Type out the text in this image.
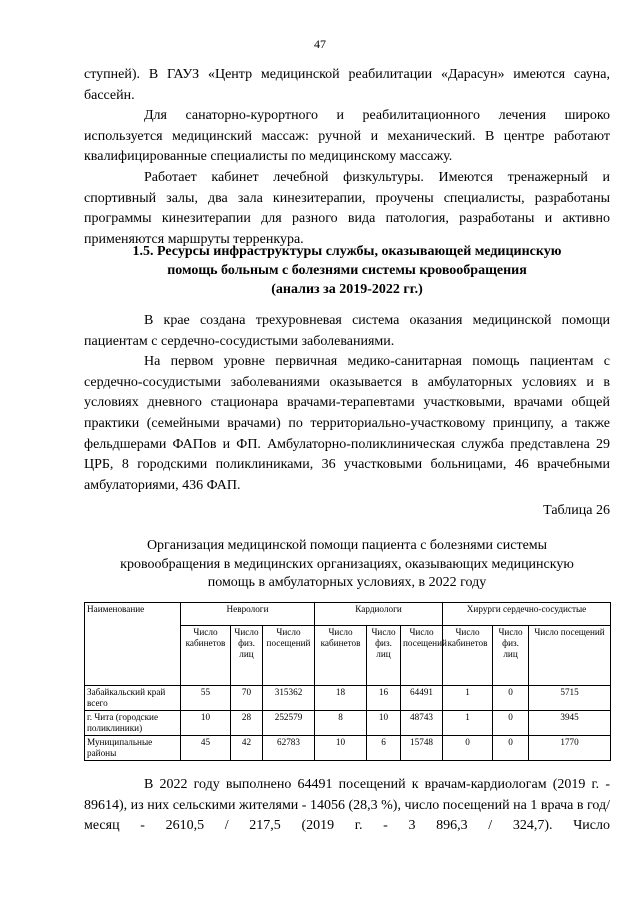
47
ступней). В ГАУЗ «Центр медицинской реабилитации «Дарасун» имеются сауна, бассейн.
Для санаторно-курортного и реабилитационного лечения широко используется медицинский массаж: ручной и механический. В центре работают квалифицированные специалисты по медицинскому массажу.
Работает кабинет лечебной физкультуры. Имеются тренажерный и спортивный залы, два зала кинезитерапии, проучены специалисты, разработаны программы кинезитерапии для разного вида патология, разработаны и активно применяются маршруты терренкура.
1.5. Ресурсы инфраструктуры службы, оказывающей медицинскую
помощь больным с болезнями системы кровообращения
(анализ за 2019-2022 гг.)
В крае создана трехуровневая система оказания медицинской помощи пациентам с сердечно-сосудистыми заболеваниями.
На первом уровне первичная медико-санитарная помощь пациентам с сердечно-сосудистыми заболеваниями оказывается в амбулаторных условиях и в условиях дневного стационара врачами-терапевтами участковыми, врачами общей практики (семейными врачами) по территориально-участковому принципу, а также фельдшерами ФАПов и ФП. Амбулаторно-поликлиническая служба представлена 29 ЦРБ, 8 городскими поликлиниками, 36 участковыми больницами, 46 врачебными амбулаториями, 436 ФАП.
Таблица 26
Организация медицинской помощи пациента с болезнями системы
кровообращения в медицинских организациях, оказывающих медицинскую
помощь в амбулаторных условиях, в 2022 году
Наименование	Неврологи			Кардиологи			Хирурги сердечно-сосудистые		
	Число кабинетов	Число физ. лиц	Число посещений	Число кабинетов	Число физ. лиц	Число посещений	Число кабинетов	Число физ. лиц	Число посещений
Забайкальский край всего	55	70	315362	18	16	64491	1	0	5715
г. Чита (городские поликлиники)	10	28	252579	8	10	48743	1	0	3945
Муниципальные районы	45	42	62783	10	6	15748	0	0	1770
В 2022 году выполнено 64491 посещений к врачам-кардиологам (2019 г. - 89614), из них сельскими жителями - 14056 (28,3 %), число посещений на 1 врача в год/месяц - 2610,5 / 217,5 (2019 г. - 3 896,3 / 324,7). Число
